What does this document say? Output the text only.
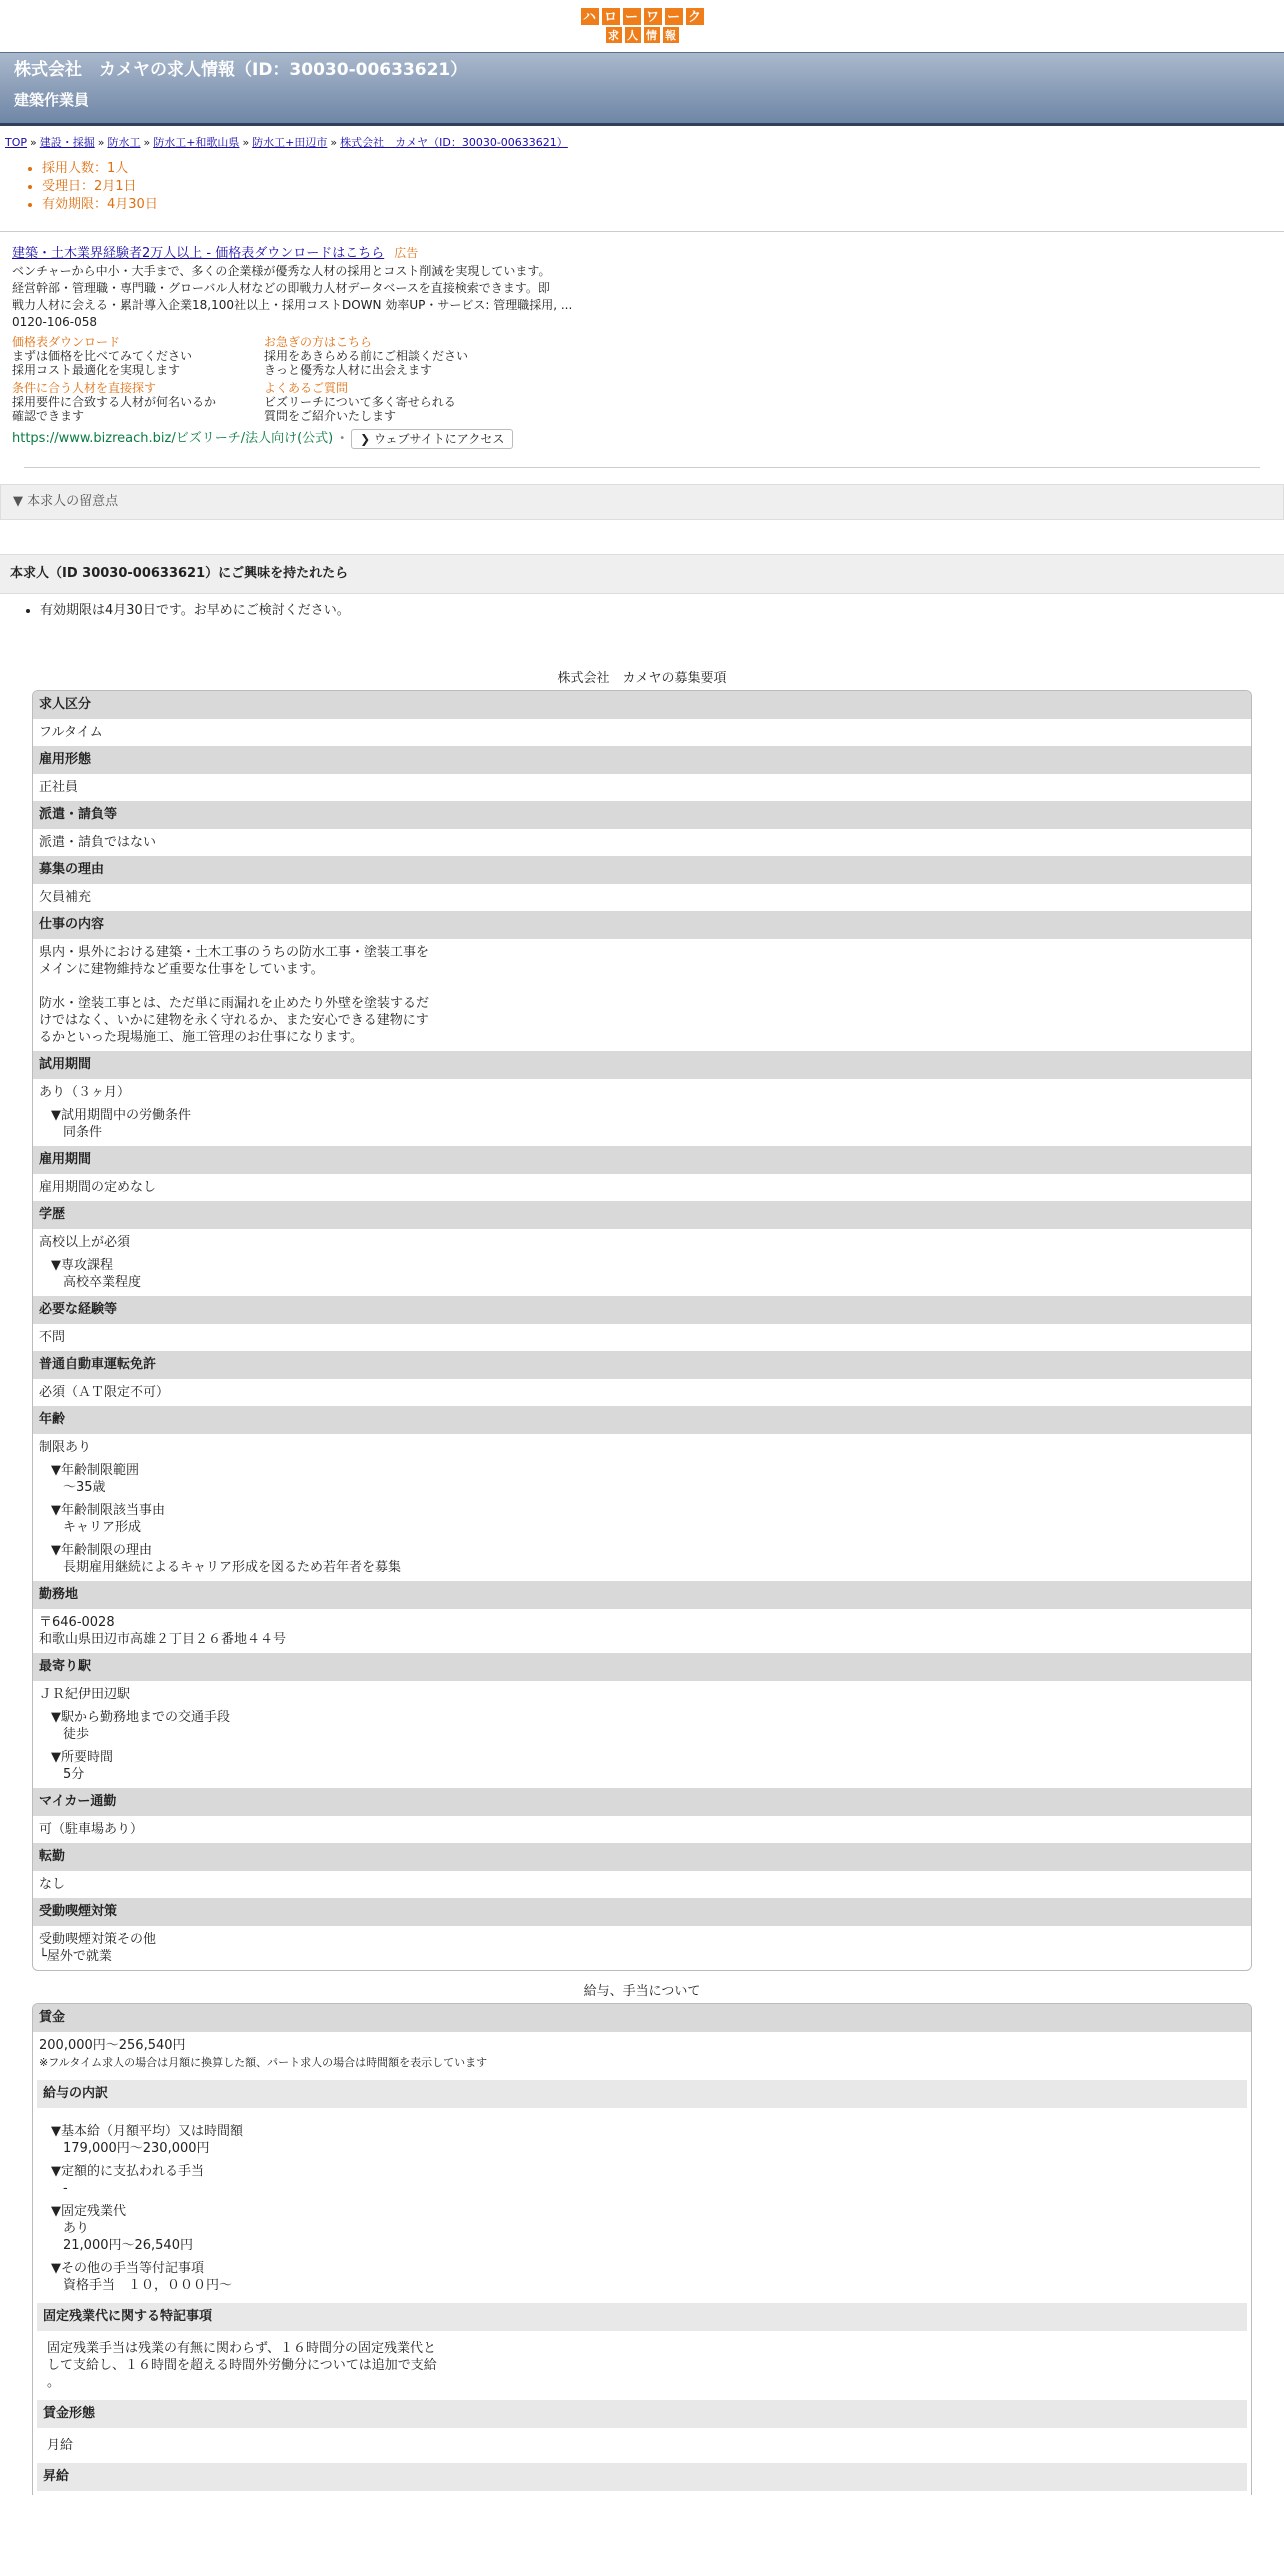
ハ ロ ー ワ ー ク
求 人 情 報
株式会社　カメヤの求人情報（ID：30030-00633621）
建築作業員
TOP » 建設・採掘 » 防水工 » 防水工+和歌山県 » 防水工+田辺市 » 株式会社　カメヤ（ID：30030-00633621）
• 採用人数：1人
• 受理日：2月1日
• 有効期限：4月30日
建築・土木業界経験者2万人以上 - 価格表ダウンロードはこちら 広告
ベンチャーから中小・大手まで、多くの企業様が優秀な人材の採用とコスト削減を実現しています。
経営幹部・管理職・専門職・グローバル人材などの即戦力人材データベースを直接検索できます。即
戦力人材に会える・累計導入企業18,100社以上・採用コストDOWN 効率UP・サービス: 管理職採用, ...
0120-106-058
価格表ダウンロード
まずは価格を比べてみてください
採用コスト最適化を実現します
お急ぎの方はこちら
採用をあきらめる前にご相談ください
きっと優秀な人材に出会えます
条件に合う人材を直接探す
採用要件に合致する人材が何名いるか
確認できます
よくあるご質問
ビズリーチについて多く寄せられる
質問をご紹介いたします
https://www.bizreach.biz/ビズリーチ/法人向け(公式) •	❯ ウェブサイトにアクセス
▼ 本求人の留意点
本求人（ID 30030-00633621）にご興味を持たれたら
• 有効期限は4月30日です。お早めにご検討ください。
株式会社　カメヤの募集要項
求人区分
フルタイム
雇用形態
正社員
派遣・請負等
派遣・請負ではない
募集の理由
欠員補充
仕事の内容
県内・県外における建築・土木工事のうちの防水工事・塗装工事を
メインに建物維持など重要な仕事をしています。

防水・塗装工事とは、ただ単に雨漏れを止めたり外壁を塗装するだ
けではなく、いかに建物を永く守れるか、また安心できる建物にす
るかといった現場施工、施工管理のお仕事になります。
試用期間
あり（３ヶ月）
▼試用期間中の労働条件
同条件
雇用期間
雇用期間の定めなし
学歴
高校以上が必須
▼専攻課程
高校卒業程度
必要な経験等
不問
普通自動車運転免許
必須（ＡＴ限定不可）
年齢
制限あり
▼年齢制限範囲
〜35歳
▼年齢制限該当事由
キャリア形成
▼年齢制限の理由
長期雇用継続によるキャリア形成を図るため若年者を募集
勤務地
〒646-0028
和歌山県田辺市高雄２丁目２６番地４４号
最寄り駅
ＪＲ紀伊田辺駅
▼駅から勤務地までの交通手段
徒歩
▼所要時間
5分
マイカー通勤
可（駐車場あり）
転勤
なし
受動喫煙対策
受動喫煙対策その他
└屋外で就業
給与、手当について
賃金
200,000円〜256,540円
※フルタイム求人の場合は月額に換算した額、パート求人の場合は時間額を表示しています
給与の内訳
▼基本給（月額平均）又は時間額
179,000円〜230,000円
▼定額的に支払われる手当
-
▼固定残業代
あり
21,000円〜26,540円
▼その他の手当等付記事項
資格手当　１０，０００円～
固定残業代に関する特記事項
固定残業手当は残業の有無に関わらず、１６時間分の固定残業代と
して支給し、１６時間を超える時間外労働分については追加で支給
。
賃金形態
月給
昇給
